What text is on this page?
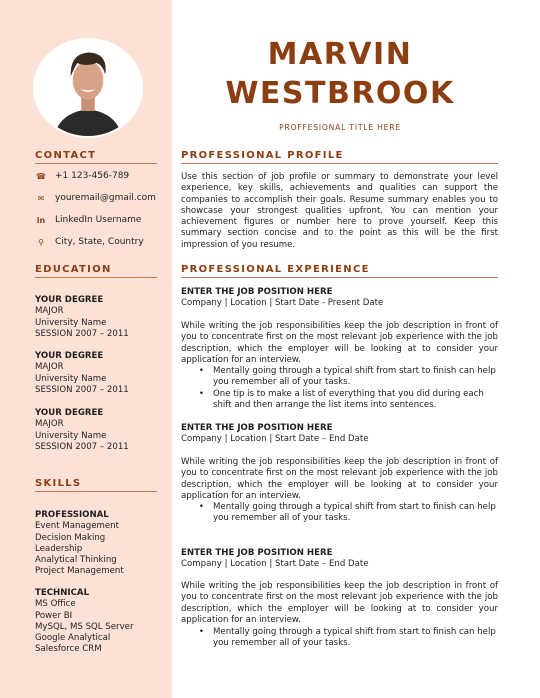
CONTACT
☎ +1 123-456-789
✉ youremail@gmail.com
in LinkedIn Username
⚲	City, State, Country
EDUCATION
YOUR DEGREE
MAJOR
University Name
SESSION 2007 – 2011
YOUR DEGREE
MAJOR
University Name
SESSION 2007 – 2011
YOUR DEGREE
MAJOR
University Name
SESSION 2007 – 2011
SKILLS
PROFESSIONAL
Event Management
Decision Making
Leadership
Analytical Thinking
Project Management
TECHNICAL
MS Office
Power BI
MySQL, MS SQL Server
Google Analytical
Salesforce CRM
MARVIN
WESTBROOK
PROFFESIONAL TITLE HERE
PROFESSIONAL PROFILE
Use this section of job profile or summary to demonstrate your level experience, key skills, achievements and qualities can support the companies to accomplish their goals. Resume summary enables you to showcase your strongest qualities upfront. You can mention your achievement figures or number here to prove yourself. Keep this summary section concise and to the point as this will be the first impression of you resume.
PROFESSIONAL EXPERIENCE
ENTER THE JOB POSITION HERE
Company | Location | Start Date - Present Date
While writing the job responsibilities keep the job description in front of you to concentrate first on the most relevant job experience with the job description, which the employer will be looking at to consider your application for an interview.
•	Mentally going through a typical shift from start to finish can help you remember all of your tasks.
•	One tip is to make a list of everything that you did during each shift and then arrange the list items into sentences.
ENTER THE JOB POSITION HERE
Company | Location | Start Date – End Date
While writing the job responsibilities keep the job description in front of you to concentrate first on the most relevant job experience with the job description, which the employer will be looking at to consider your application for an interview.
•	Mentally going through a typical shift from start to finish can help you remember all of your tasks.
ENTER THE JOB POSITION HERE
Company | Location | Start Date – End Date
While writing the job responsibilities keep the job description in front of you to concentrate first on the most relevant job experience with the job description, which the employer will be looking at to consider your application for an interview.
•	Mentally going through a typical shift from start to finish can help you remember all of your tasks.
